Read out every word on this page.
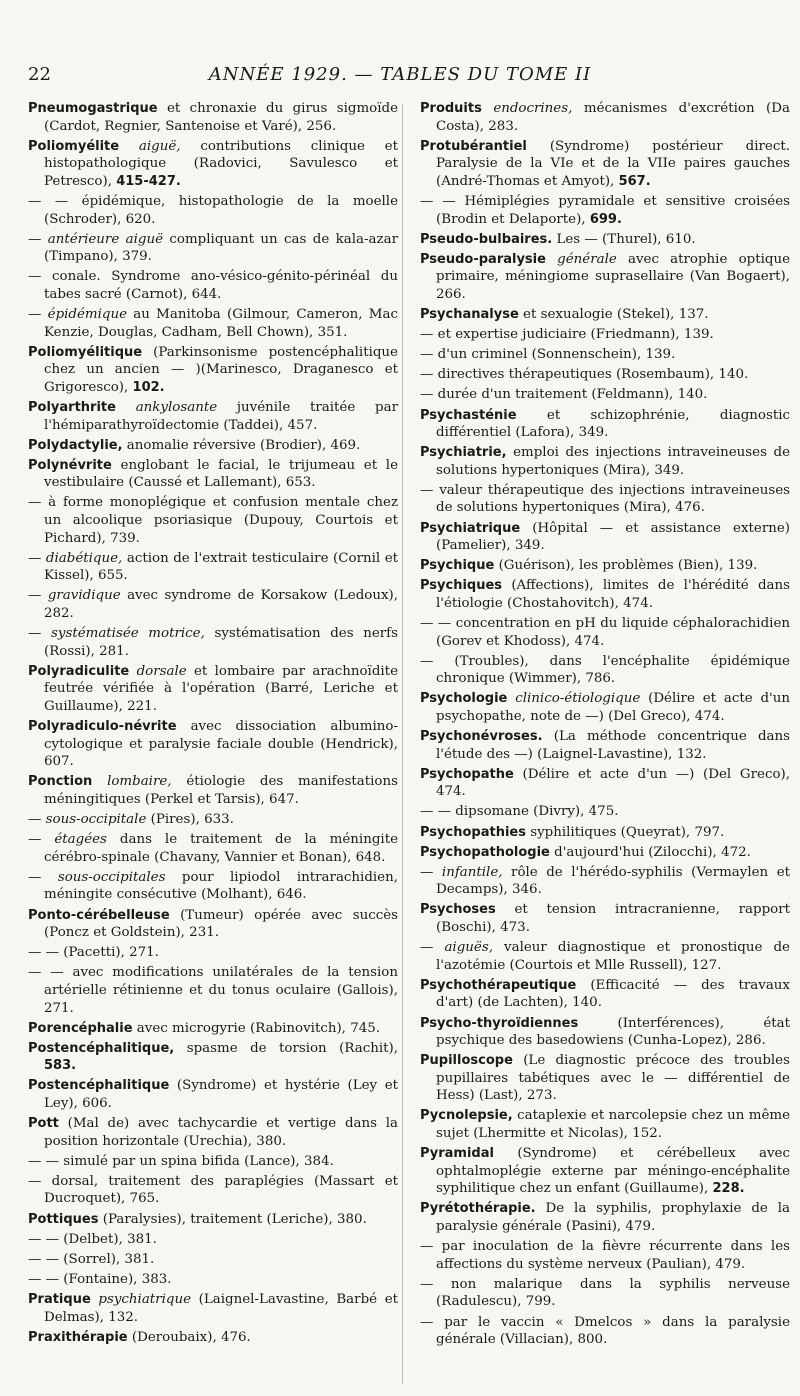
22	ANNÉE 1929. — TABLES DU TOME II

Pneumogastrique et chronaxie du girus sigmoïde (Cardot, Regnier, Santenoise et Varé), 256.

Poliomyélite aiguë, contributions clinique et histopathologique (Radovici, Savulesco et Petresco), 415-427.

— — épidémique, histopathologie de la moelle (Schroder), 620.

— antérieure aiguë compliquant un cas de kala-azar (Timpano), 379.

— conale. Syndrome ano-vésico-génito-périnéal du tabes sacré (Carnot), 644.

— épidémique au Manitoba (Gilmour, Cameron, Mac Kenzie, Douglas, Cadham, Bell Chown), 351.

Poliomyélitique (Parkinsonisme postencéphalitique chez un ancien — )(Marinesco, Draganesco et Grigoresco), 102.

Polyarthrite ankylosante juvénile traitée par l'hémiparathyroïdectomie (Taddei), 457.

Polydactylie, anomalie réversive (Brodier), 469.

Polynévrite englobant le facial, le trijumeau et le vestibulaire (Caussé et Lallemant), 653.

— à forme monoplégique et confusion mentale chez un alcoolique psoriasique (Dupouy, Courtois et Pichard), 739.

— diabétique, action de l'extrait testiculaire (Cornil et Kissel), 655.

— gravidique avec syndrome de Korsakow (Ledoux), 282.

— systématisée motrice, systématisation des nerfs (Rossi), 281.

Polyradiculite dorsale et lombaire par arachnoïdite feutrée vérifiée à l'opération (Barré, Leriche et Guillaume), 221.

Polyradiculo-névrite avec dissociation albumino-cytologique et paralysie faciale double (Hendrick), 607.

Ponction lombaire, étiologie des manifestations méningitiques (Perkel et Tarsis), 647.

— sous-occipitale (Pires), 633.

— étagées dans le traitement de la méningite cérébro-spinale (Chavany, Vannier et Bonan), 648.

— sous-occipitales pour lipiodol intrarachidien, méningite consécutive (Molhant), 646.

Ponto-cérébelleuse (Tumeur) opérée avec succès (Poncz et Goldstein), 231.

— — (Pacetti), 271.

— — avec modifications unilatérales de la tension artérielle rétinienne et du tonus oculaire (Gallois), 271.

Porencéphalie avec microgyrie (Rabinovitch), 745.

Postencéphalitique, spasme de torsion (Rachit), 583.

Postencéphalitique (Syndrome) et hystérie (Ley et Ley), 606.

Pott (Mal de) avec tachycardie et vertige dans la position horizontale (Urechia), 380.

— — simulé par un spina bifida (Lance), 384.

— dorsal, traitement des paraplégies (Massart et Ducroquet), 765.

Pottiques (Paralysies), traitement (Leriche), 380.

— — (Delbet), 381.

— — (Sorrel), 381.

— — (Fontaine), 383.

Pratique psychiatrique (Laignel-Lavastine, Barbé et Delmas), 132.

Praxithérapie (Deroubaix), 476.

Produits endocrines, mécanismes d'excrétion (Da Costa), 283.

Protubérantiel (Syndrome) postérieur direct. Paralysie de la VIe et de la VIIe paires gauches (André-Thomas et Amyot), 567.

— — Hémiplégies pyramidale et sensitive croisées (Brodin et Delaporte), 699.

Pseudo-bulbaires. Les — (Thurel), 610.

Pseudo-paralysie générale avec atrophie optique primaire, méningiome suprasellaire (Van Bogaert), 266.

Psychanalyse et sexualogie (Stekel), 137.

— et expertise judiciaire (Friedmann), 139.

— d'un criminel (Sonnenschein), 139.

— directives thérapeutiques (Rosembaum), 140.

— durée d'un traitement (Feldmann), 140.

Psychasténie et schizophrénie, diagnostic différentiel (Lafora), 349.

Psychiatrie, emploi des injections intraveineuses de solutions hypertoniques (Mira), 349.

— valeur thérapeutique des injections intraveineuses de solutions hypertoniques (Mira), 476.

Psychiatrique (Hôpital — et assistance externe) (Pamelier), 349.

Psychique (Guérison), les problèmes (Bien), 139.

Psychiques (Affections), limites de l'hérédité dans l'étiologie (Chostahovitch), 474.

— — concentration en pH du liquide céphalorachidien (Gorev et Khodoss), 474.

— (Troubles), dans l'encéphalite épidémique chronique (Wimmer), 786.

Psychologie clinico-étiologique (Délire et acte d'un psychopathe, note de —) (Del Greco), 474.

Psychonévroses. (La méthode concentrique dans l'étude des —) (Laignel-Lavastine), 132.

Psychopathe (Délire et acte d'un —) (Del Greco), 474.

— — dipsomane (Divry), 475.

Psychopathies syphilitiques (Queyrat), 797.

Psychopathologie d'aujourd'hui (Zilocchi), 472.

— infantile, rôle de l'hérédo-syphilis (Vermaylen et Decamps), 346.

Psychoses et tension intracranienne, rapport (Boschi), 473.

— aiguës, valeur diagnostique et pronostique de l'azotémie (Courtois et Mlle Russell), 127.

Psychothérapeutique (Efficacité — des travaux d'art) (de Lachten), 140.

Psycho-thyroïdiennes	(Interférences), état psychique des basedowiens (Cunha-Lopez), 286.

Pupilloscope (Le diagnostic précoce des troubles pupillaires tabétiques avec le — différentiel de Hess) (Last), 273.

Pycnolepsie, cataplexie et narcolepsie chez un même sujet (Lhermitte et Nicolas), 152.

Pyramidal (Syndrome) et cérébelleux avec ophtalmoplégie externe par méningo-encéphalite syphilitique chez un enfant (Guillaume), 228.

Pyrétothérapie. De la syphilis, prophylaxie de la paralysie générale (Pasini), 479.

— par inoculation de la fièvre récurrente dans les affections du système nerveux (Paulian), 479.

— non malarique dans la syphilis nerveuse (Radulescu), 799.

— par le vaccin « Dmelcos » dans la paralysie générale (Villacian), 800.
